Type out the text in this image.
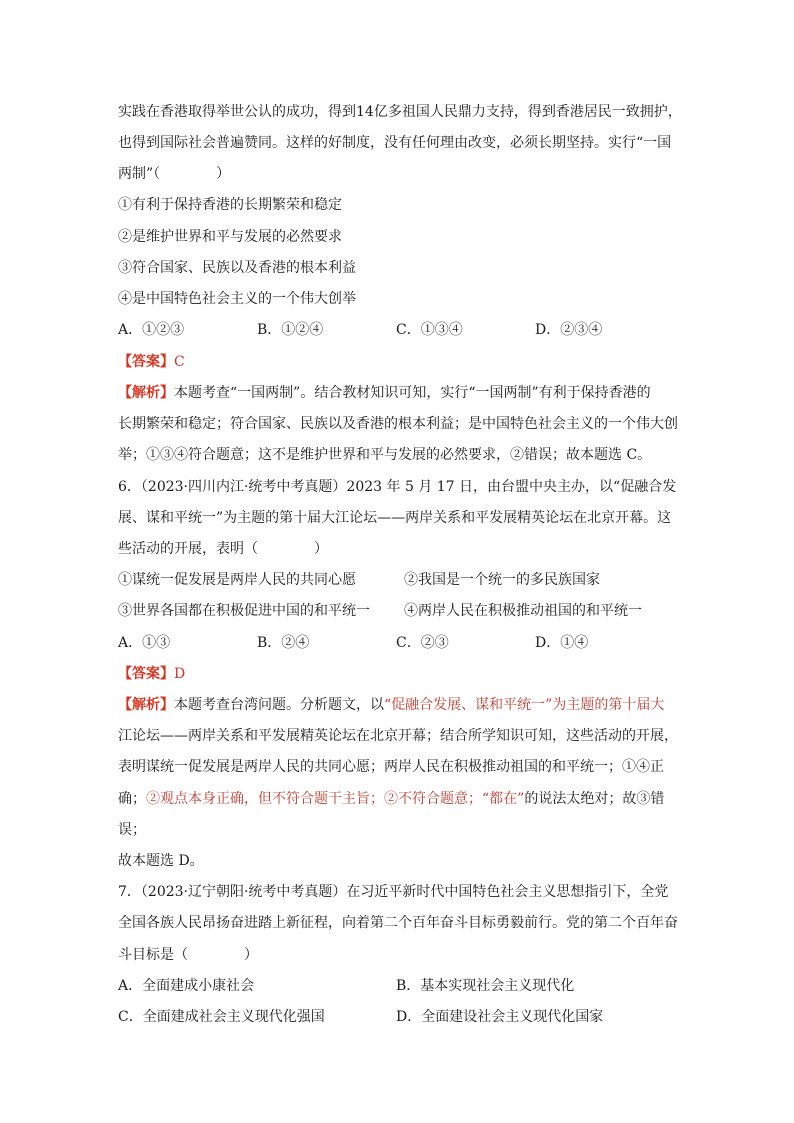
实践在香港取得举世公认的成功，得到14亿多祖国人民鼎力支持，得到香港居民一致拥护，
也得到国际社会普遍赞同。这样的好制度，没有任何理由改变，必须长期坚持。实行“一国
两制”（　　　　）
①有利于保持香港的长期繁荣和稳定
②是维护世界和平与发展的必然要求
③符合国家、民族以及香港的根本利益
④是中国特色社会主义的一个伟大创举
A．①②③	B．①②④	C．①③④	D．②③④
【答案】C
【解析】本题考查“一国两制”。结合教材知识可知，实行“一国两制”有利于保持香港的
长期繁荣和稳定；符合国家、民族以及香港的根本利益；是中国特色社会主义的一个伟大创
举；①③④符合题意；这不是维护世界和平与发展的必然要求，②错误；故本题选 C。
6．（2023·四川内江·统考中考真题）2023 年 5 月 17 日，由台盟中央主办，以“促融合发
展、谋和平统一”为主题的第十届大江论坛——两岸关系和平发展精英论坛在北京开幕。这
些活动的开展，表明（　　　　）
①谋统一促发展是两岸人民的共同心愿	②我国是一个统一的多民族国家
③世界各国都在积极促进中国的和平统一 ④两岸人民在积极推动祖国的和平统一
A．①③	B．②④	C．②③	D．①④
【答案】D
【解析】本题考查台湾问题。分析题文，以“促融合发展、谋和平统一”为主题的第十届大
江论坛——两岸关系和平发展精英论坛在北京开幕；结合所学知识可知，这些活动的开展，
表明谋统一促发展是两岸人民的共同心愿；两岸人民在积极推动祖国的和平统一；①④正
确；②观点本身正确，但不符合题干主旨；②不符合题意；“都在”的说法太绝对；故③错
误；
故本题选 D。
7．（2023·辽宁朝阳·统考中考真题）在习近平新时代中国特色社会主义思想指引下，全党
全国各族人民昂扬奋进踏上新征程，向着第二个百年奋斗目标勇毅前行。党的第二个百年奋
斗目标是（　　　　）
A．全面建成小康社会	B．基本实现社会主义现代化
C．全面建成社会主义现代化强国	D．全面建设社会主义现代化国家
